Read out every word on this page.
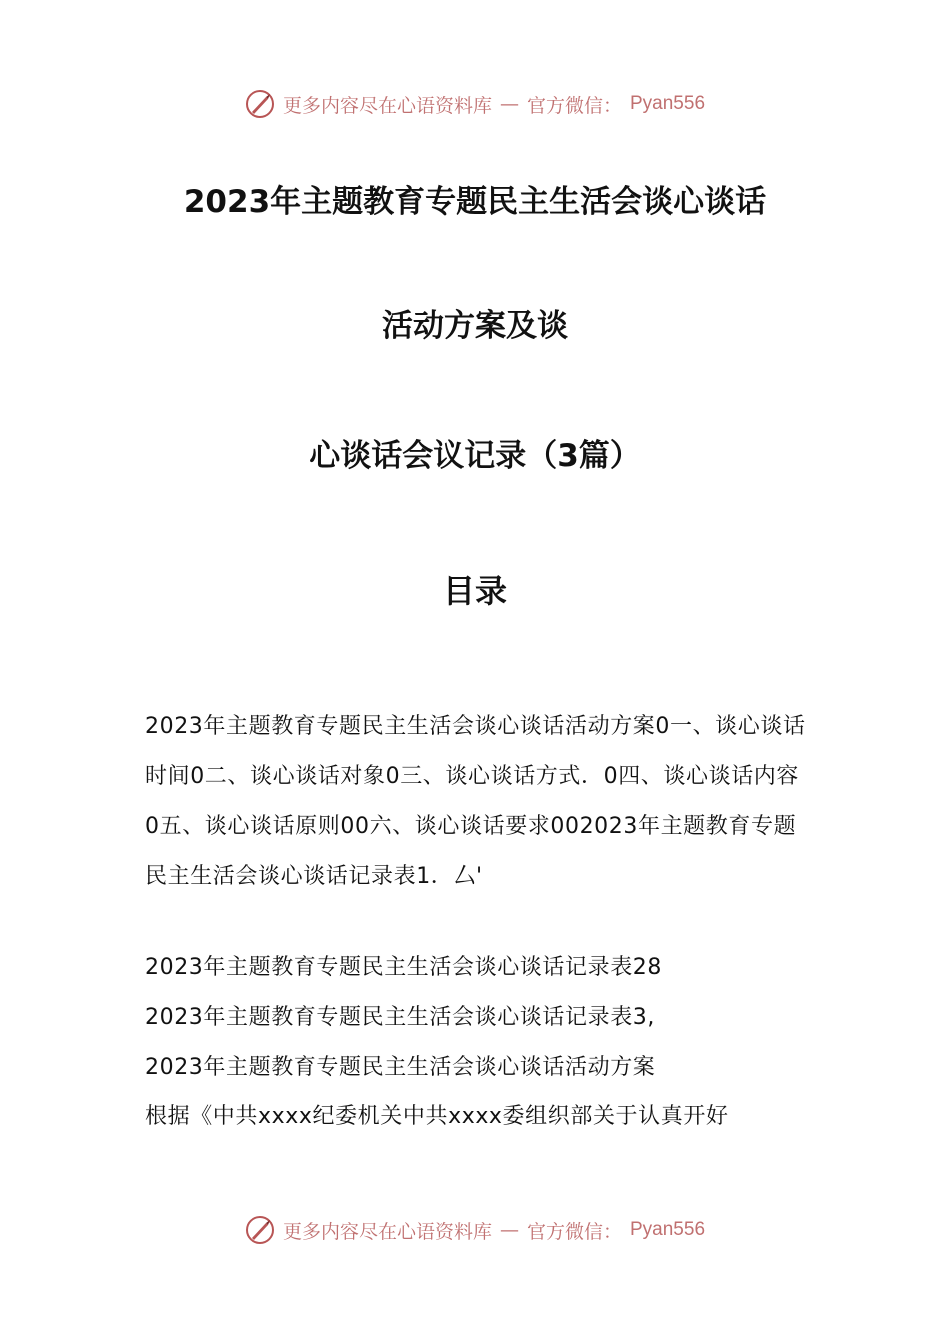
更多内容尽在心语资料库 — 官方微信： Pyan556
2023年主题教育专题民主生活会谈心谈话
活动方案及谈
心谈话会议记录（3篇）
目录
2023年主题教育专题民主生活会谈心谈话活动方案0一、谈心谈话时间0二、谈心谈话对象0三、谈心谈话方式．0四、谈心谈话内容0五、谈心谈话原则00六、谈心谈话要求002023年主题教育专题民主生活会谈心谈话记录表1．厶'
2023年主题教育专题民主生活会谈心谈话记录表28
2023年主题教育专题民主生活会谈心谈话记录表3,
2023年主题教育专题民主生活会谈心谈话活动方案
根据《中共xxxx纪委机关中共xxxx委组织部关于认真开好
更多内容尽在心语资料库 — 官方微信： Pyan556
